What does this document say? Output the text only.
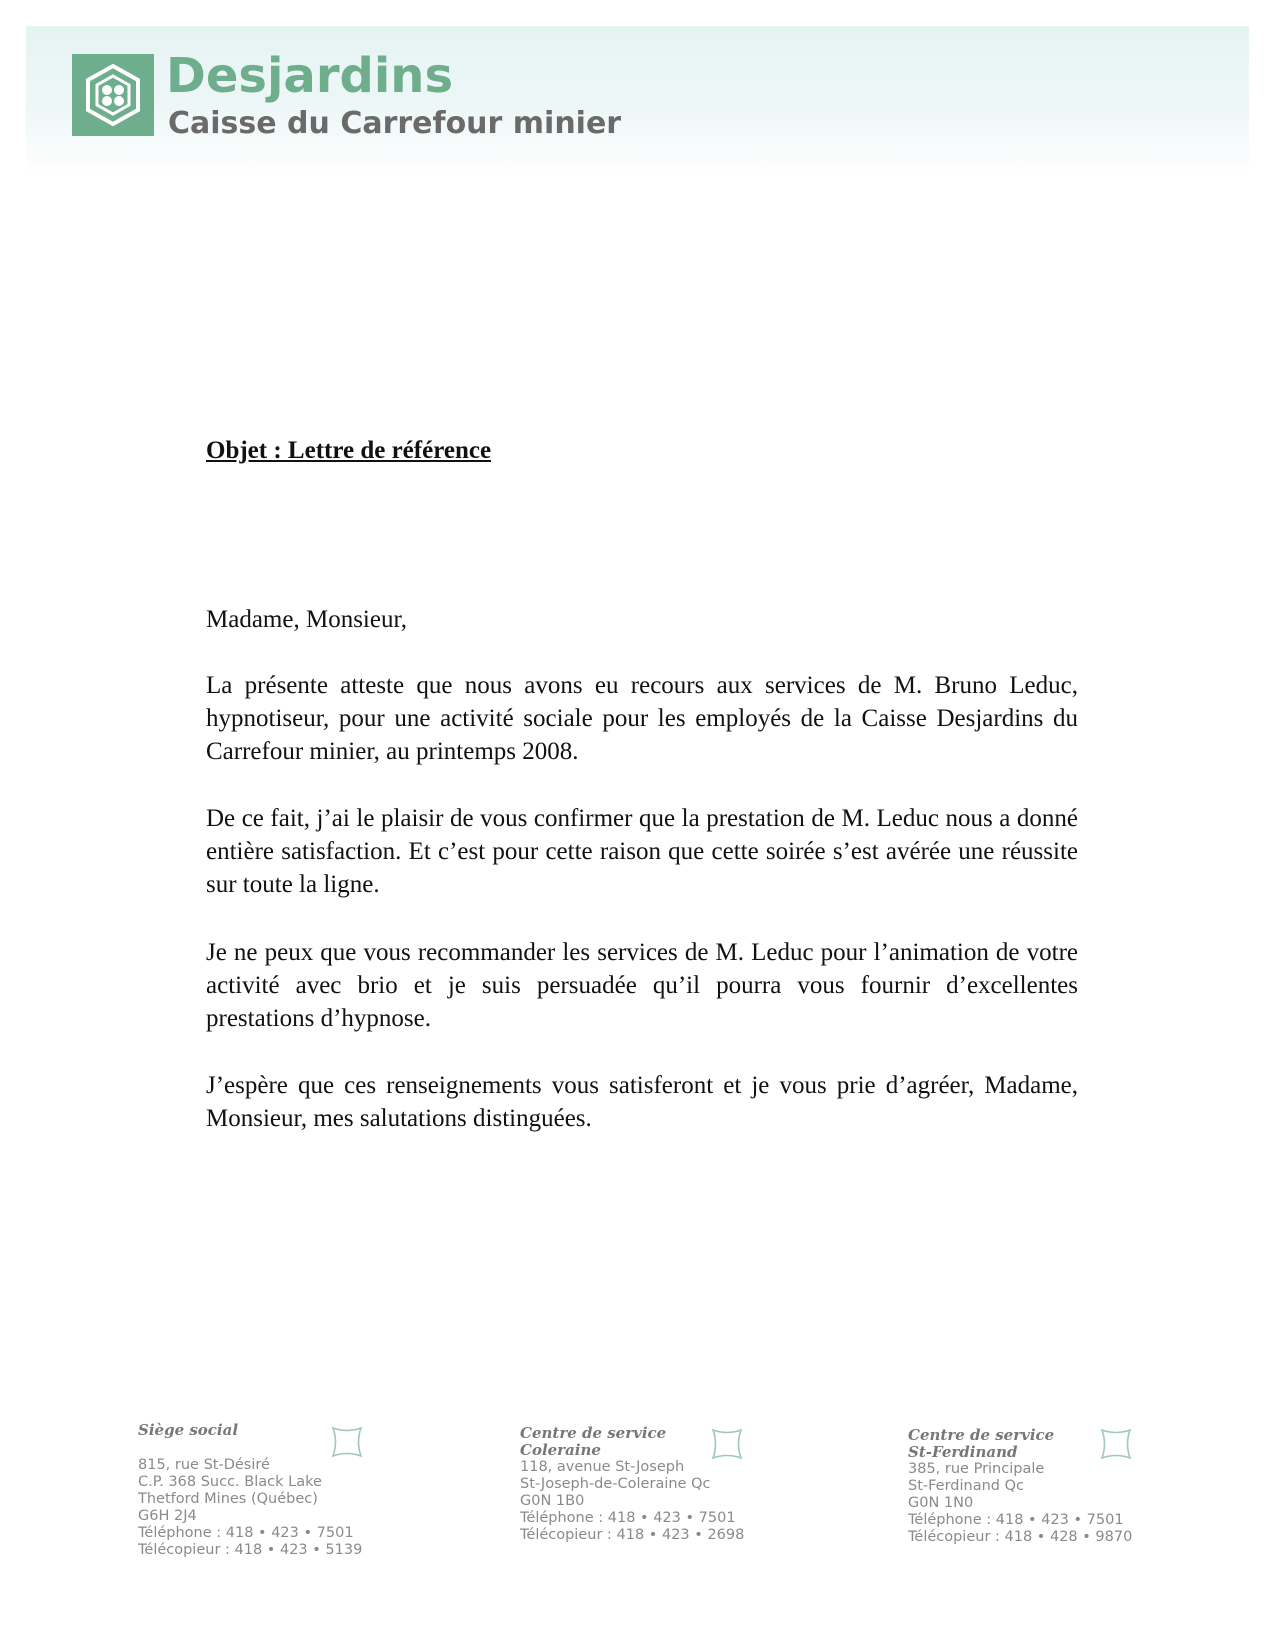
Desjardins
Caisse du Carrefour minier
Objet : Lettre de référence
Madame, Monsieur,
La présente atteste que nous avons eu recours aux services de M. Bruno Leduc, hypnotiseur, pour une activité sociale pour les employés de la Caisse Desjardins du Carrefour minier, au printemps 2008.
De ce fait, j’ai le plaisir de vous confirmer que la prestation de M. Leduc nous a donné entière satisfaction. Et c’est pour cette raison que cette soirée s’est avérée une réussite sur toute la ligne.
Je ne peux que vous recommander les services de M. Leduc pour l’animation de votre activité avec brio et je suis persuadée qu’il pourra vous fournir d’excellentes prestations d’hypnose.
J’espère que ces renseignements vous satisferont et je vous prie d’agréer, Madame, Monsieur, mes salutations distinguées.
Siège social
815, rue St-Désiré
C.P. 368 Succ. Black Lake
Thetford Mines (Québec)
G6H 2J4
Téléphone : 418 • 423 • 7501
Télécopieur : 418 • 423 • 5139
Centre de service
Coleraine
118, avenue St-Joseph
St-Joseph-de-Coleraine Qc
G0N 1B0
Téléphone : 418 • 423 • 7501
Télécopieur : 418 • 423 • 2698
Centre de service
St-Ferdinand
385, rue Principale
St-Ferdinand Qc
G0N 1N0
Téléphone : 418 • 423 • 7501
Télécopieur : 418 • 428 • 9870
